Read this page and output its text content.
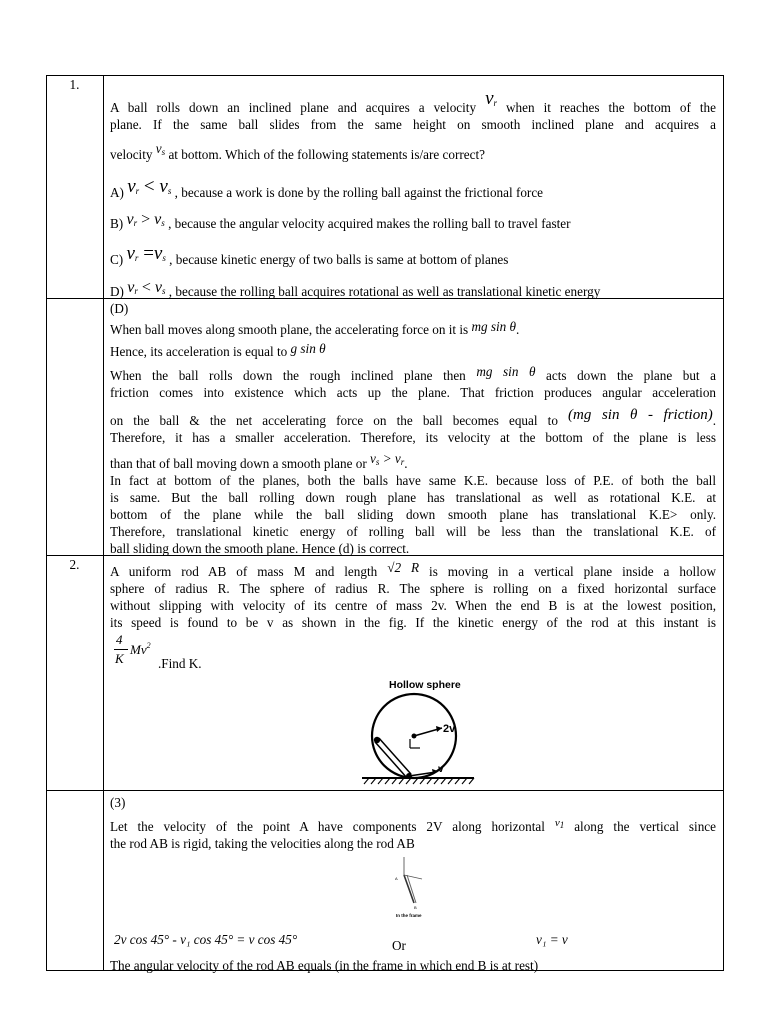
1.
2.
A ball rolls down an inclined plane and acquires a velocity $v_r$ when it reaches the bottom of the
plane. If the same ball slides from the same height on smooth inclined plane and acquires a
velocity $v_s$ at bottom. Which of the following statements is/are correct?
A) $v_r < v_s$ , because a work is done by the rolling ball against the frictional force
B) $v_r > v_s$ , because the angular velocity acquired makes the rolling ball to travel faster
C) $v_r =v_s$ , because kinetic energy of two balls is same at bottom of planes
D) $v_r < v_s$ , because the rolling ball acquires rotational as well as translational kinetic energy
(D)
When ball moves along smooth plane, the accelerating force on it is mg sin θ.
Hence, its acceleration is equal to g sin θ
When the ball rolls down the rough inclined plane then mg sin θ acts down the plane but a
friction comes into existence which acts up the plane. That friction produces angular acceleration
on the ball & the net accelerating force on the ball becomes equal to (mg sin θ - friction).
Therefore, it has a smaller acceleration. Therefore, its velocity at the bottom of the plane is less
than that of ball moving down a smooth plane or $v_s > v_r$.
In fact at bottom of the planes, both the balls have same K.E. because loss of P.E. of both the ball
is same. But the ball rolling down rough plane has translational as well as rotational K.E. at
bottom of the plane while the ball sliding down smooth plane has translational K.E> only.
Therefore, translational kinetic energy of rolling ball will be less than the translational K.E. of
ball sliding down the smooth plane. Hence (d) is correct.
A uniform rod AB of mass M and length √2 R is moving in a vertical plane inside a hollow
sphere of radius R. The sphere of radius R. The sphere is rolling on a fixed horizontal surface
without slipping with velocity of its centre of mass 2v. When the end B is at the lowest position,
its speed is found to be v as shown in the fig. If the kinetic energy of the rod at this instant is
4
K
Mv$^2$
.Find K.
Hollow sphere
2v
v
(3)
Let the velocity of the point A have components 2V along horizontal $^{v_1}$ along the vertical since
the rod AB is rigid, taking the velocities along the rod AB
A
B
In the frame
2v cos 45° - v₁ cos 45° = v cos 45°	Or	v₁ = v
The angular velocity of the rod AB equals (in the frame in which end B is at rest)
